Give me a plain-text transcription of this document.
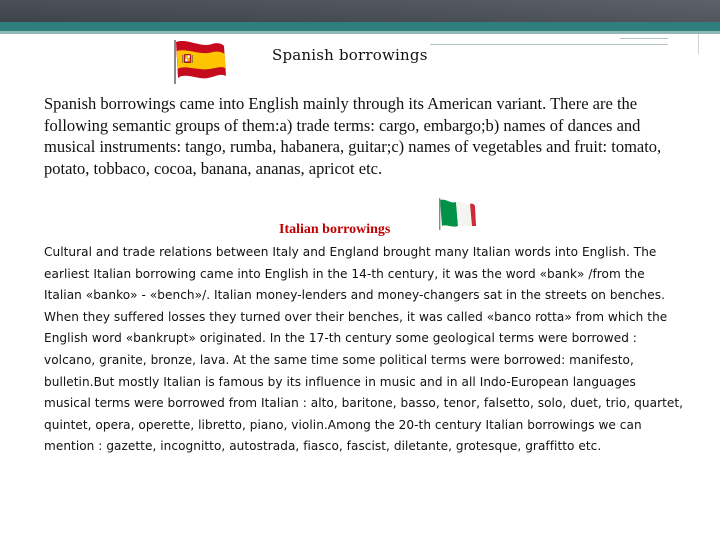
Spanish borrowings

Spanish borrowings came into English mainly through its American variant. There are the following semantic groups of them:a) trade terms: cargo, embargo;b) names of dances and musical instruments: tango, rumba, habanera, guitar;c) names of vegetables and fruit: tomato, potato, tobbaco, cocoa, banana, ananas, apricot etc.

Italian borrowings

Cultural and trade relations between Italy and England brought many Italian words into English. The earliest Italian borrowing came into English in the 14-th century, it was the word «bank» /from the Italian «banko» - «bench»/. Italian money-lenders and money-changers sat in the streets on benches. When they suffered losses they turned over their benches, it was called «banco rotta» from which the English word «bankrupt» originated. In the 17-th century some geological terms were borrowed : volcano, granite, bronze, lava. At the same time some political terms were borrowed: manifesto, bulletin.But mostly Italian is famous by its influence in music and in all Indo-European languages musical terms were borrowed from Italian : alto, baritone, basso, tenor, falsetto, solo, duet, trio, quartet, quintet, opera, operette, libretto, piano, violin.Among the 20-th century Italian borrowings we can mention : gazette, incognitto, autostrada, fiasco, fascist, diletante, grotesque, graffitto etc.
